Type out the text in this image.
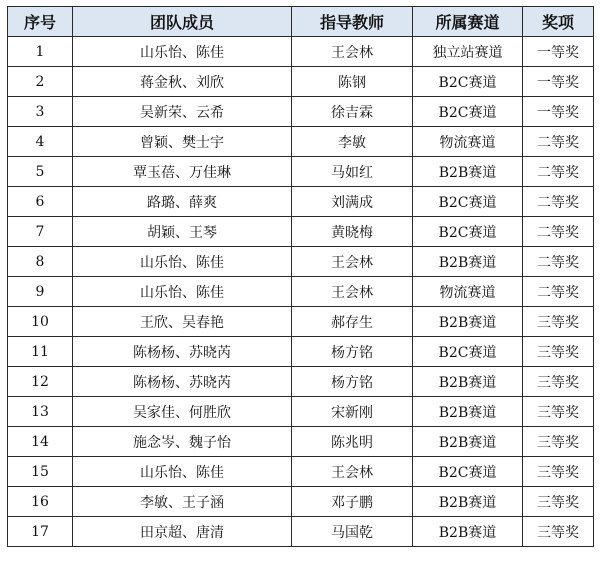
序号	团队成员	指导教师	所属赛道	奖项
1	山乐怡、陈佳	王会林	独立站赛道	一等奖
2	蒋金秋、刘欣	陈钢	B2C赛道	一等奖
3	吴新荣、云希	徐吉霖	B2C赛道	一等奖
4	曾颖、樊士宇	李敏	物流赛道	二等奖
5	覃玉蓓、万佳琳	马如红	B2B赛道	二等奖
6	路璐、薛爽	刘满成	B2C赛道	二等奖
7	胡颖、王琴	黄晓梅	B2C赛道	二等奖
8	山乐怡、陈佳	王会林	B2B赛道	二等奖
9	山乐怡、陈佳	王会林	物流赛道	二等奖
10	王欣、吴春艳	郝存生	B2B赛道	三等奖
11	陈杨杨、苏晓芮	杨方铭	B2C赛道	三等奖
12	陈杨杨、苏晓芮	杨方铭	B2B赛道	三等奖
13	吴家佳、何胜欣	宋新刚	B2B赛道	三等奖
14	施念岑、魏子怡	陈兆明	B2B赛道	三等奖
15	山乐怡、陈佳	王会林	B2C赛道	三等奖
16	李敏、王子涵	邓子鹏	B2B赛道	三等奖
17	田京超、唐清	马国乾	B2B赛道	三等奖
